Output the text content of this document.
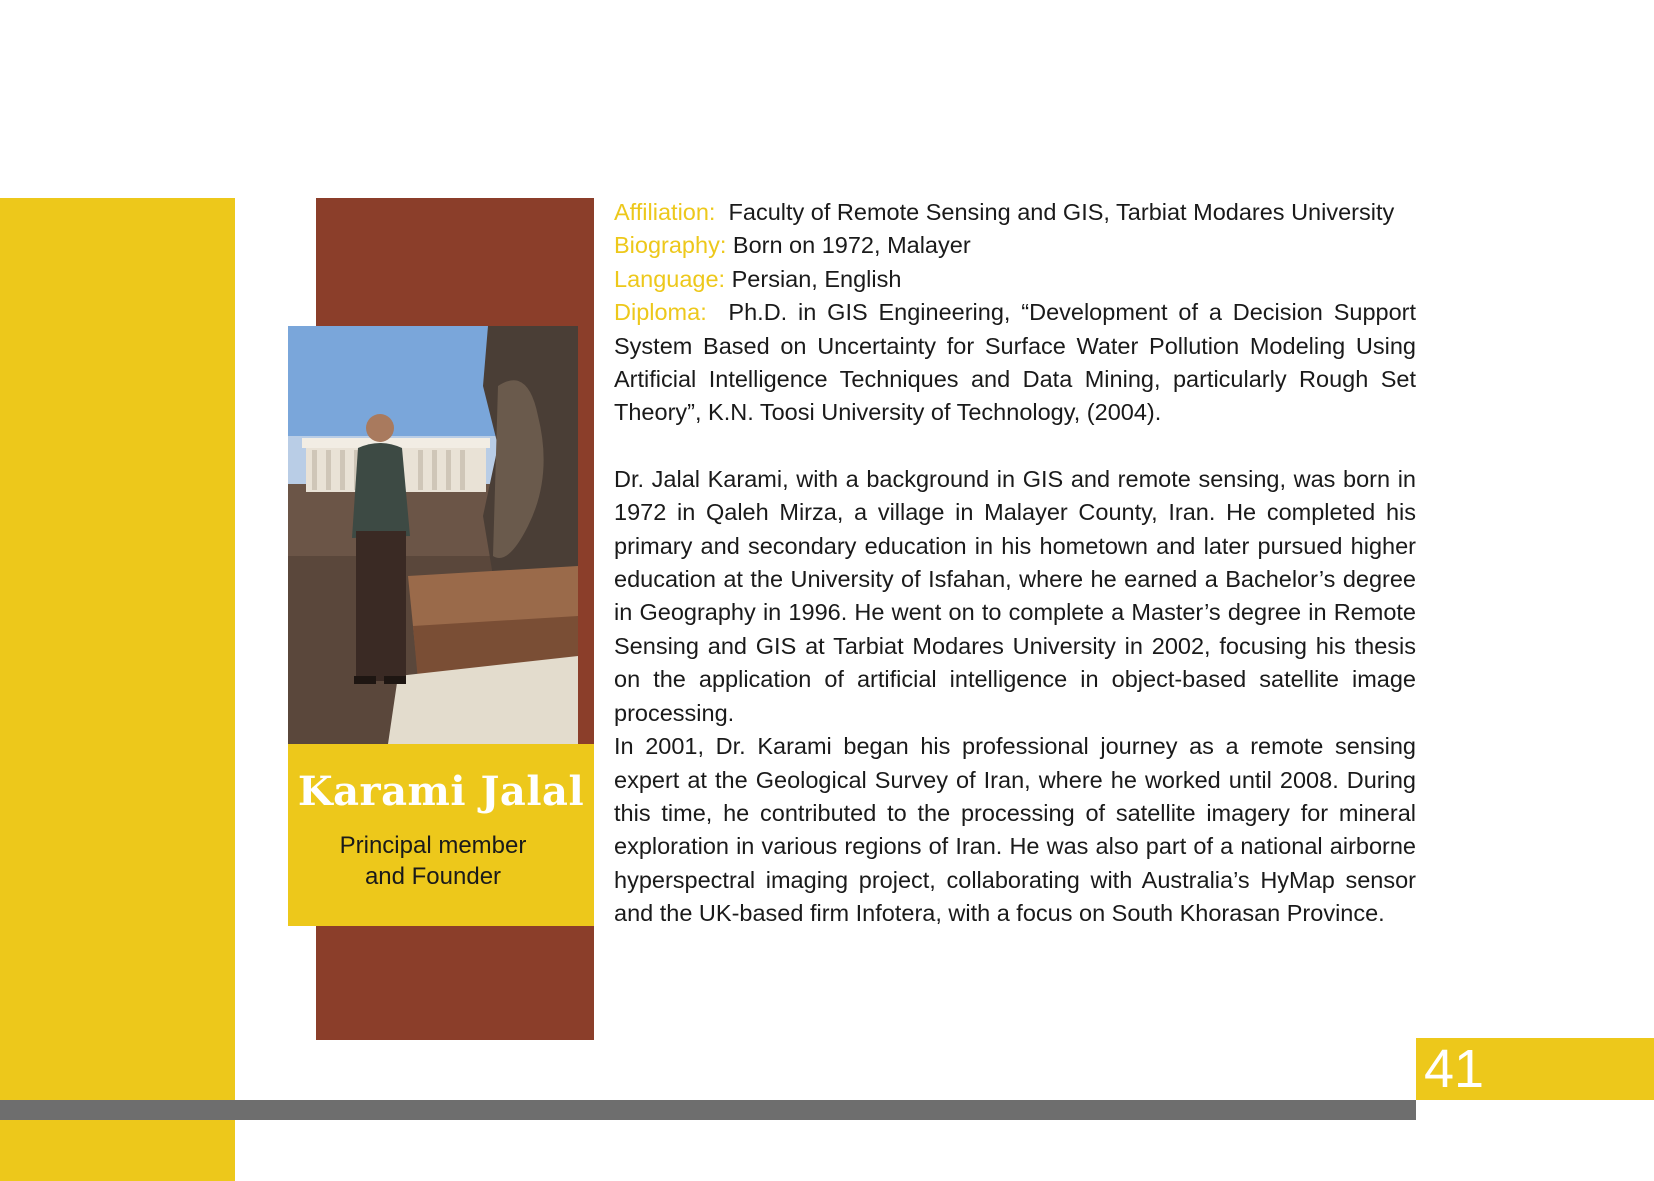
Karami Jalal
Principal member
and Founder

Affiliation: Faculty of Remote Sensing and GIS, Tarbiat Modares University

Biography: Born on 1972, Malayer

Language: Persian, English

Diploma: Ph.D. in GIS Engineering, “Development of a Decision Support System Based on Uncertainty for Surface Water Pollution Modeling Using Artificial Intelligence Techniques and Data Mining, particularly Rough Set Theory”, K.N. Toosi University of Technology, (2004).

Dr. Jalal Karami, with a background in GIS and remote sensing, was born in 1972 in Qaleh Mirza, a village in Malayer County, Iran. He completed his primary and secondary education in his hometown and later pursued higher education at the University of Isfahan, where he earned a Bachelor’s degree in Geography in 1996. He went on to complete a Master’s degree in Remote Sensing and GIS at Tarbiat Modares University in 2002, focusing his thesis on the application of artificial intelligence in object-based satellite image processing.

In 2001, Dr. Karami began his professional journey as a remote sensing expert at the Geological Survey of Iran, where he worked until 2008. During this time, he contributed to the processing of satellite imagery for mineral exploration in various regions of Iran. He was also part of a national airborne hyperspectral imaging project, collaborating with Australia’s HyMap sensor and the UK-based firm Infotera, with a focus on South Khorasan Province.

41
